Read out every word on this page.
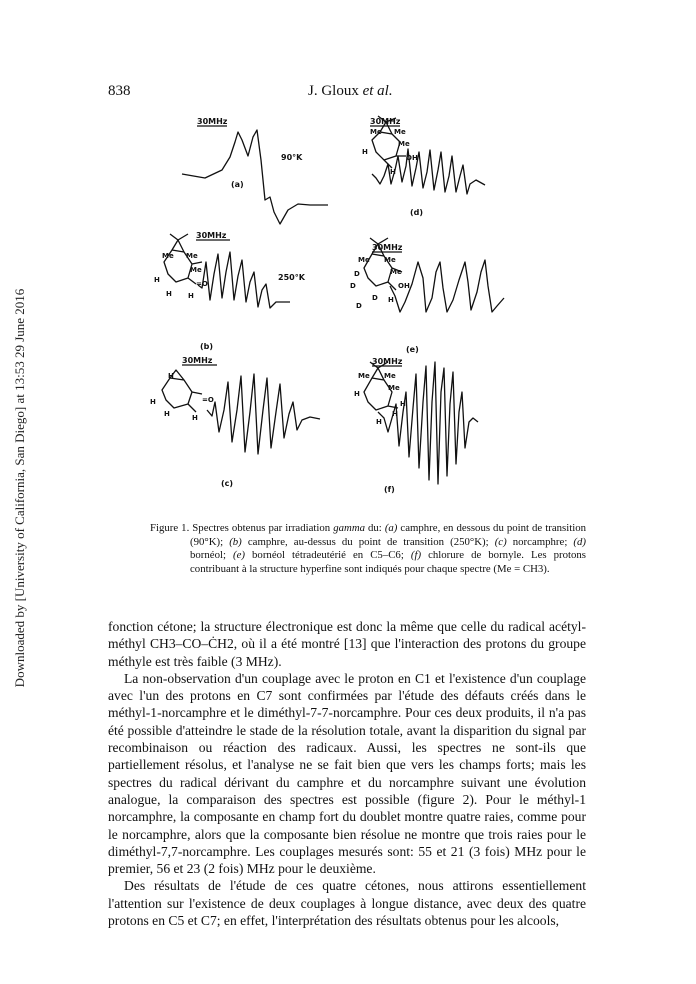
Downloaded by [University of California, San Diego] at 13:53 29 June 2016
838	J. Gloux et al.
30MHz
(a)
90°K
30MHz
(d)
30MHz
(b)
250°K
30MHz
(e)
30MHz
(c)
30MHz
(f)
Me Me
Me
H
OH
H
Me Me
Me
H	=O
H H
Me Me
Me
D
D	OH
D H
D
H
H	=O
H	H
Me Me
Me
H
H
H
H
Figure 1. Spectres obtenus par irradiation gamma du: (a) camphre, en dessous du point de transition (90°K); (b) camphre, au-dessus du point de transition (250°K); (c) norcamphre; (d) bornéol; (e) bornéol tétradeutérié en C5–C6; (f) chlorure de bornyle. Les protons contribuant à la structure hyperfine sont indiqués pour chaque spectre (Me = CH3).

fonction cétone; la structure électronique est donc la même que celle du radical acétyl-méthyl CH3–CO–ĊH2, où il a été montré [13] que l'interaction des protons du groupe méthyle est très faible (3 MHz).

La non-observation d'un couplage avec le proton en C1 et l'existence d'un couplage avec l'un des protons en C7 sont confirmées par l'étude des défauts créés dans le méthyl-1-norcamphre et le diméthyl-7-7-norcamphre. Pour ces deux produits, il n'a pas été possible d'atteindre le stade de la résolution totale, avant la disparition du signal par recombinaison ou réaction des radicaux. Aussi, les spectres ne sont-ils que partiellement résolus, et l'analyse ne se fait bien que vers les champs forts; mais les spectres du radical dérivant du camphre et du norcamphre suivant une évolution analogue, la comparaison des spectres est possible (figure 2). Pour le méthyl-1 norcamphre, la composante en champ fort du doublet montre quatre raies, comme pour le norcamphre, alors que la composante bien résolue ne montre que trois raies pour le diméthyl-7,7-norcamphre. Les couplages mesurés sont: 55 et 21 (3 fois) MHz pour le premier, 56 et 23 (2 fois) MHz pour le deuxième.

Des résultats de l'étude de ces quatre cétones, nous attirons essentiellement l'attention sur l'existence de deux couplages à longue distance, avec deux des quatre protons en C5 et C7; en effet, l'interprétation des résultats obtenus pour les alcools,
